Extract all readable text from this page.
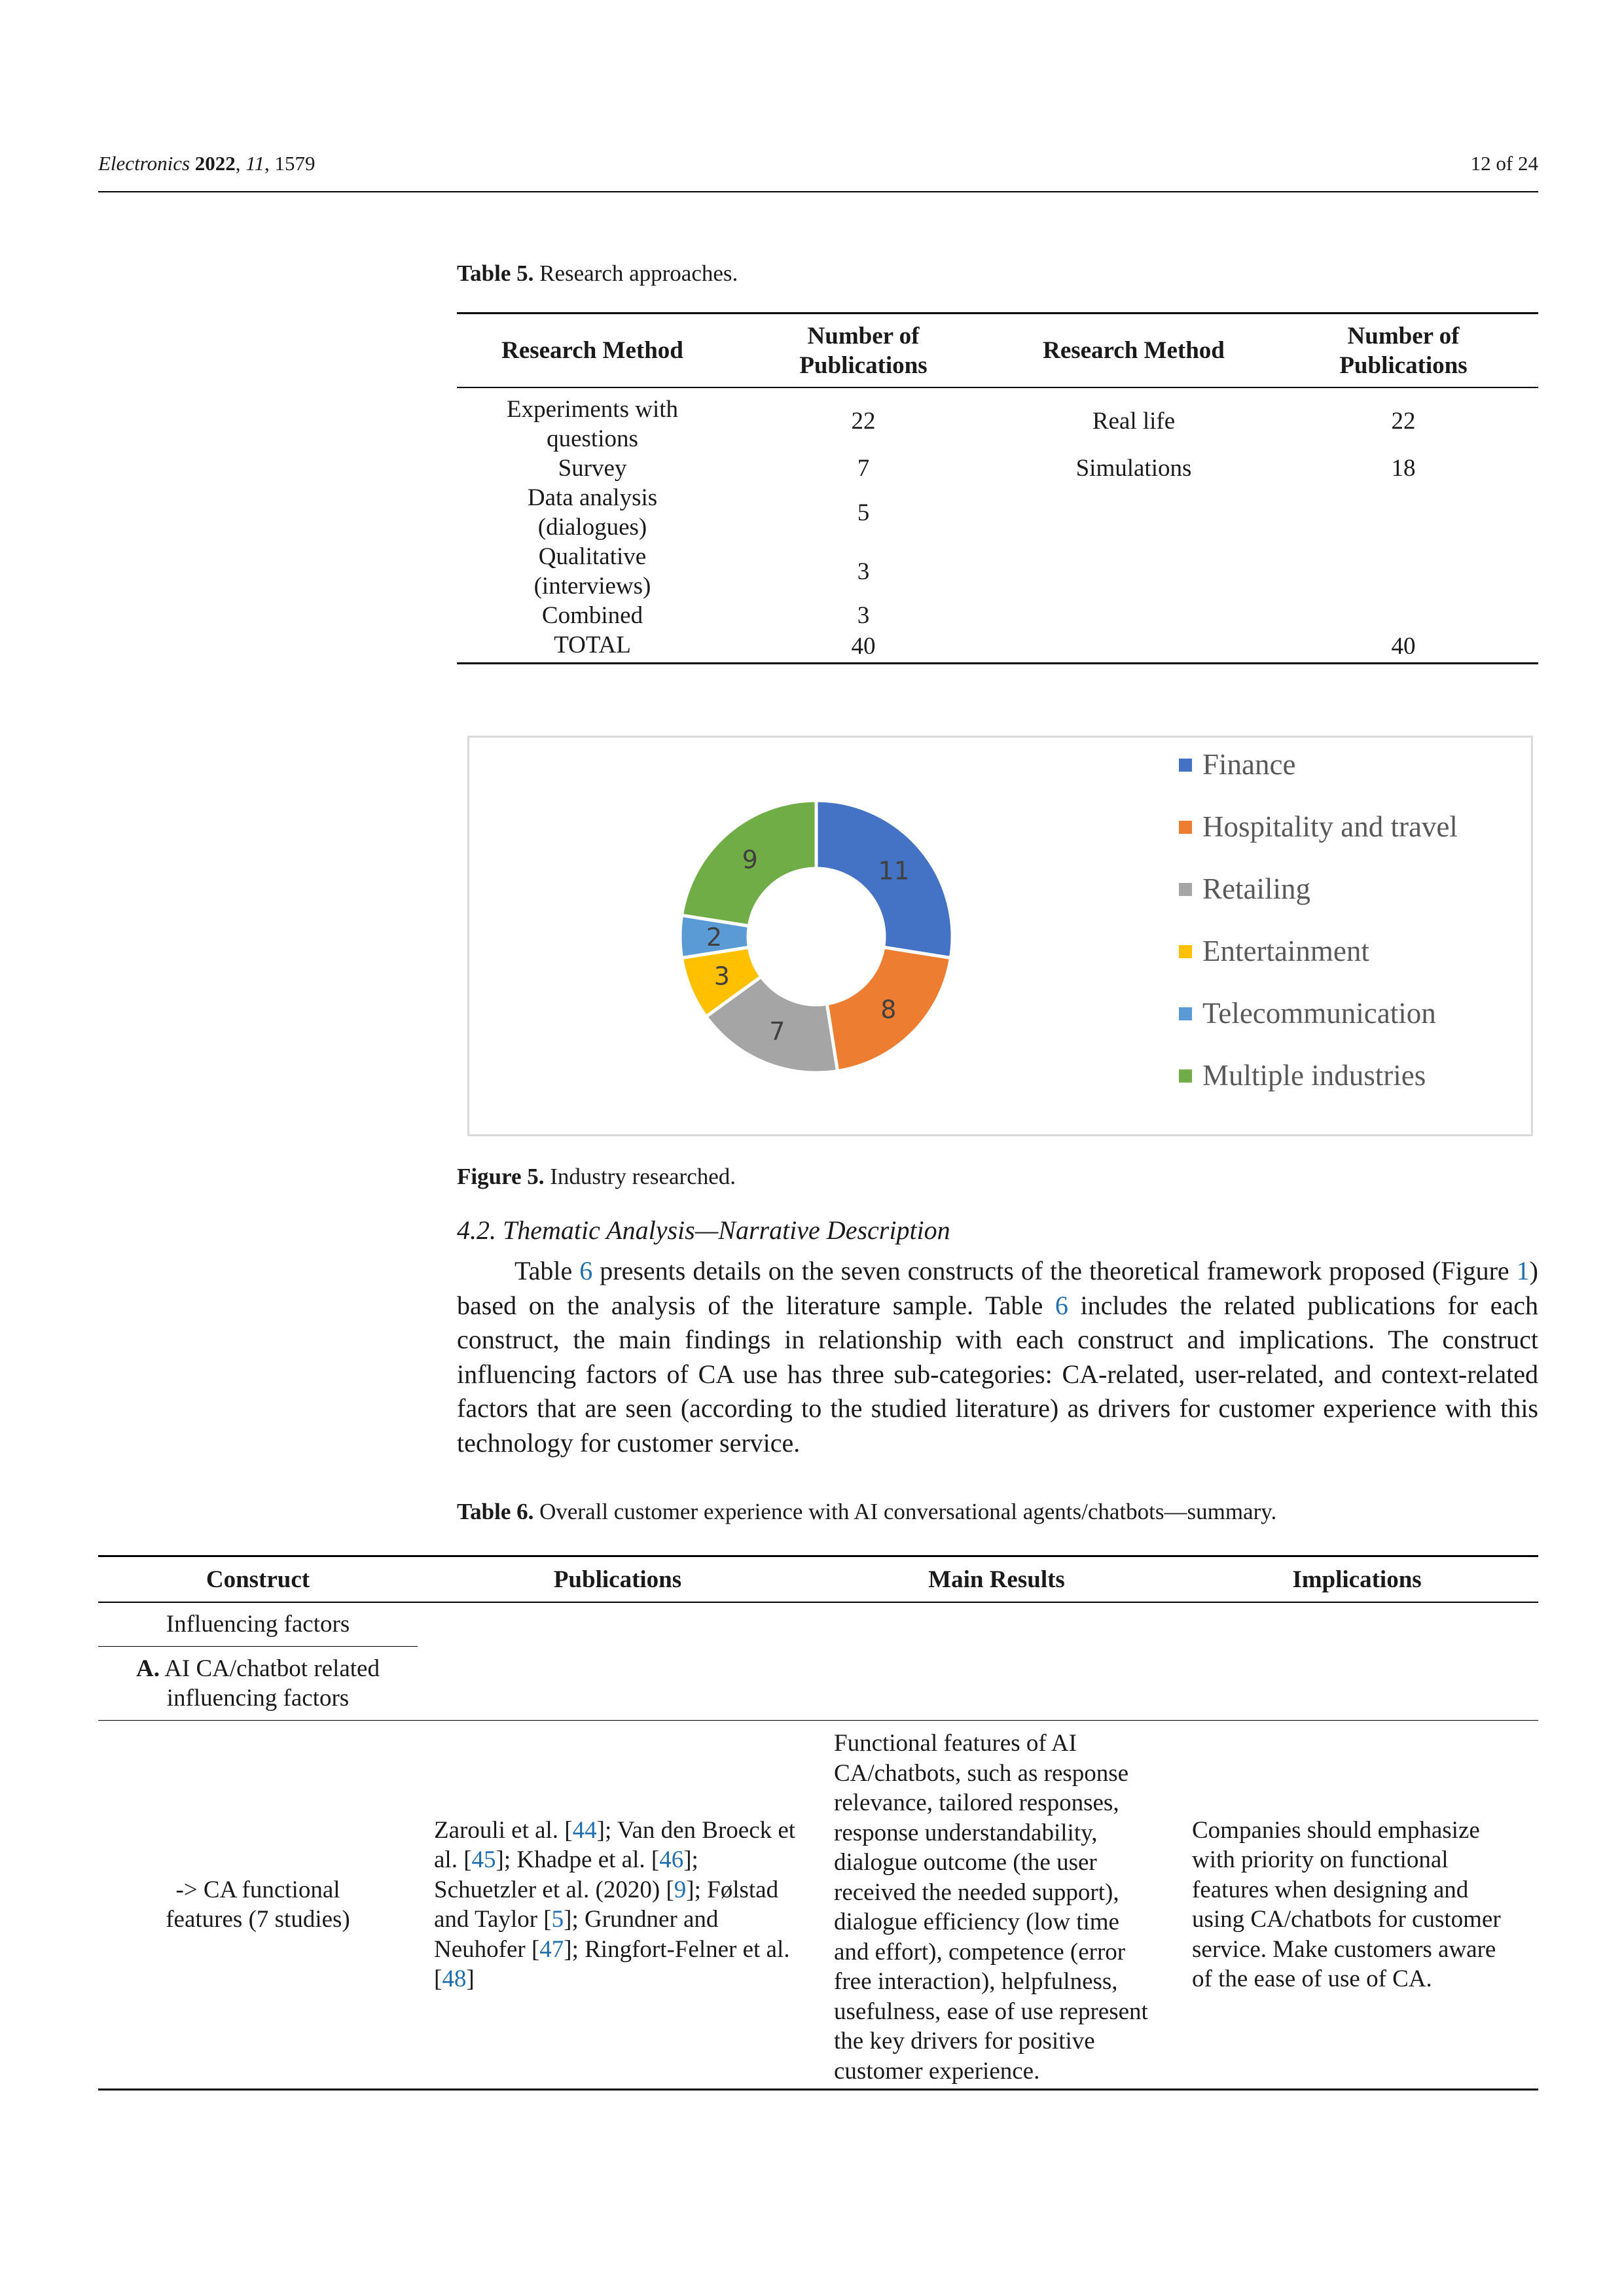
Electronics 2022, 11, 1579	12 of 24
Table 5. Research approaches.
Research Method	Number of Publications	Research Method	Number of Publications

Experiments with questions	22	Real life	22
Survey	7	Simulations	18

Data analysis (dialogues)	5		

Qualitative (interviews)	3		
Combined	3		
TOTAL	40		40
11
8
7
3
2
9
Finance
Hospitality and travel
Retailing
Entertainment
Telecommunication
Multiple industries
Figure 5. Industry researched.
4.2. Thematic Analysis—Narrative Description
Table 6 presents details on the seven constructs of the theoretical framework proposed (Figure 1) based on the analysis of the literature sample. Table 6 includes the related publications for each construct, the main findings in relationship with each construct and implications. The construct influencing factors of CA use has three sub-categories: CA-related, user-related, and context-related factors that are seen (according to the studied literature) as drivers for customer experience with this technology for customer service.
Table 6. Overall customer experience with AI conversational agents/chatbots—summary.
Construct	Publications	Main Results	Implications
Influencing factors			
A. AI CA/chatbot related influencing factors			
-> CA functional features (7 studies)	Zarouli et al. [44]; Van den Broeck et al. [45]; Khadpe et al. [46]; Schuetzler et al. (2020) [9]; Følstad and Taylor [5]; Grundner and Neuhofer [47]; Ringfort-Felner et al. [48]	Functional features of AI CA/chatbots, such as response relevance, tailored responses, response understandability, dialogue outcome (the user received the needed support), dialogue efficiency (low time and effort), competence (error free interaction), helpfulness, usefulness, ease of use represent the key drivers for positive customer experience.	Companies should emphasize with priority on functional features when designing and using CA/chatbots for customer service. Make customers aware of the ease of use of CA.
